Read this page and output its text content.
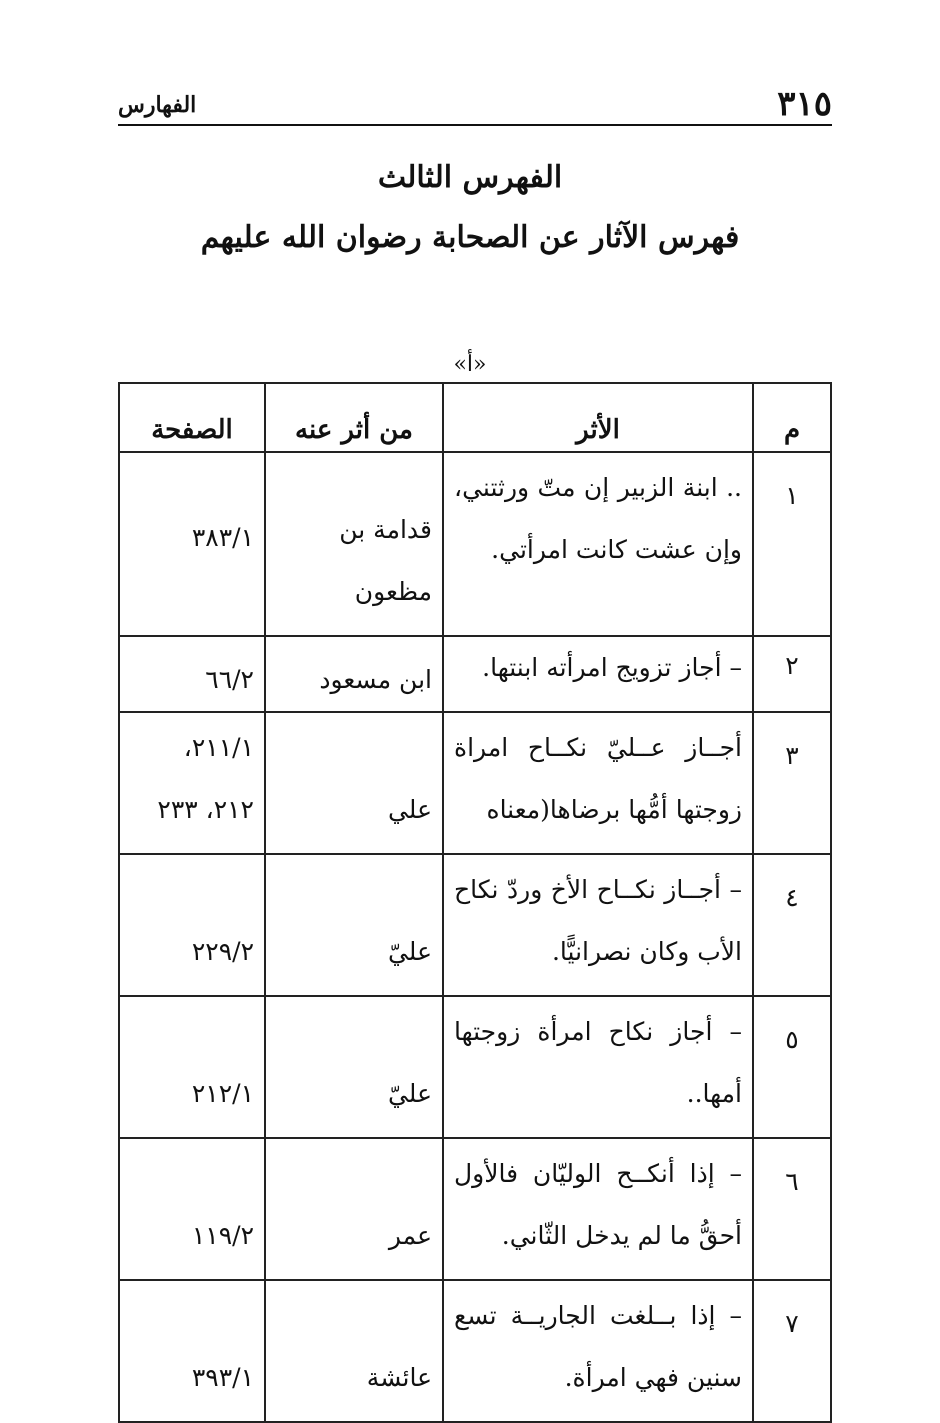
٣١٥
الفهارس
الفهرس الثالث
فهرس الآثار عن الصحابة رضوان الله عليهم
«أ»
م	الأثر	من أثر عنه	الصفحة
١	.. ابنة الزبير إن متّ ورثتني، وإن عشت كانت امرأتي.	قدامة بن مظعون	٣٨٣/١
٢	– أجاز تزويج امرأته ابنتها.	ابن مسعود	٦٦/٢
٣	أجــاز عــليّ نكــاح امراة زوجتها أمُّها برضاها(معناه	علي	٢١١/١، ٢١٢، ٢٣٣
٤	– أجــاز نكــاح الأخ وردّ نكاح الأب وكان نصرانيًّا.	عليّ	٢٢٩/٢
٥	– أجاز نكاح امرأة زوجتها أمها..	عليّ	٢١٢/١
٦	– إذا أنكــح الوليّان فالأول أحقُّ ما لم يدخل الثّاني.	عمر	١١٩/٢
٧	– إذا بــلغت الجاريــة تسع سنين فهي امرأة.	عائشة	٣٩٣/١
